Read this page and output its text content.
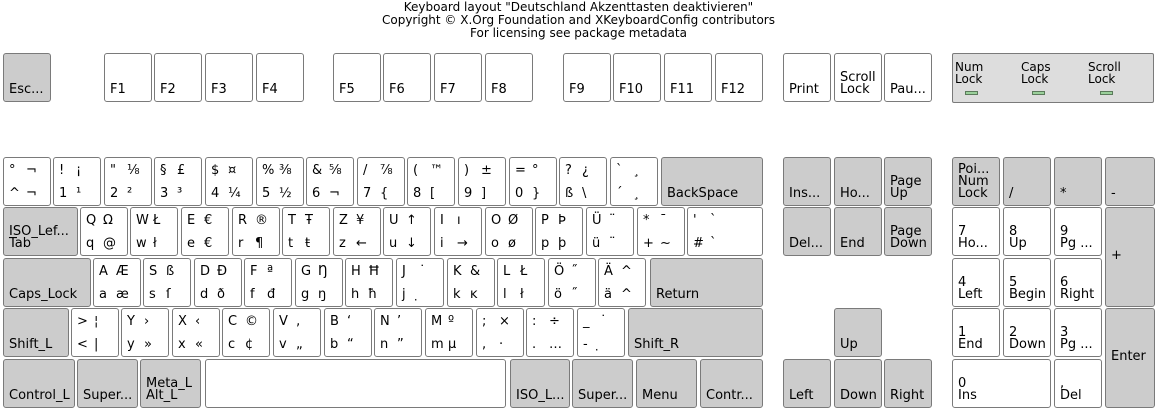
Keyboard layout "Deutschland Akzenttasten deaktivieren"
Copyright © X.Org Foundation and XKeyboardConfig contributors
For licensing see package metadata
Esc...	F1	F2	F3	F4	F5	F6	F7	F8	F9	F10 F11 F12	Print
Scroll
Lock	Pau...
° ¬
^ ¬
! ¡
1 ¹
" ⅛
2 ²
§ £
3 ³
$ ¤
4 ¼
% ⅜
5 ½
& ⅝
6 ¬
/ ⅞
7 {
( ™
8 [
) ±
9 ]
= °
0 }
? ¿
ß \
` ¸
´ ¸ BackSpace	Ins... Ho...
Page
Up
Poi...
Num
Lock /	*	-
ISO_Lef...
Tab
Q Ω
q @
W Ł
w ł
E €
e €
R ®
r ¶
T Ŧ
t ŧ
Z ¥
z ←
U ↑
u ↓
I ı
i →
O Ø
o ø
P Þ
p þ
Ü ¨
ü ¨
* ¯
+ ~
' `
# `	Del... End
Page
Down
7
Ho...
8
Up
9
Pg ...
+
Caps_Lock
A Æ
a æ
S ß
s ſ
D Đ
d ð
F ª
f đ
G Ŋ
g ŋ
H Ħ
h ħ
J ˙
j
K &
k ĸ
L Ł
l ł
Ö ˝
ö ˝
Ä ^
ä ^ Return
4
Left
5
Begin
6
Right
Shift_L
> ¦
< |
Y ›
y »
X ‹
x «
C ©
c ¢
V ‚
v „
B ‘
b “
N ’
n ”
M º
m µ
; ×
, ·
: ÷
. …
_ ˙
-	Shift_R	Up
1
End
2
Down
3
Pg ...
Enter
Control_L Super...
Meta_L
Alt_L	ISO_L... Super... Menu Contr...	Left Down Right
0
Ins
,
Del
Num
Lock
Caps
Lock
Scroll
Lock
